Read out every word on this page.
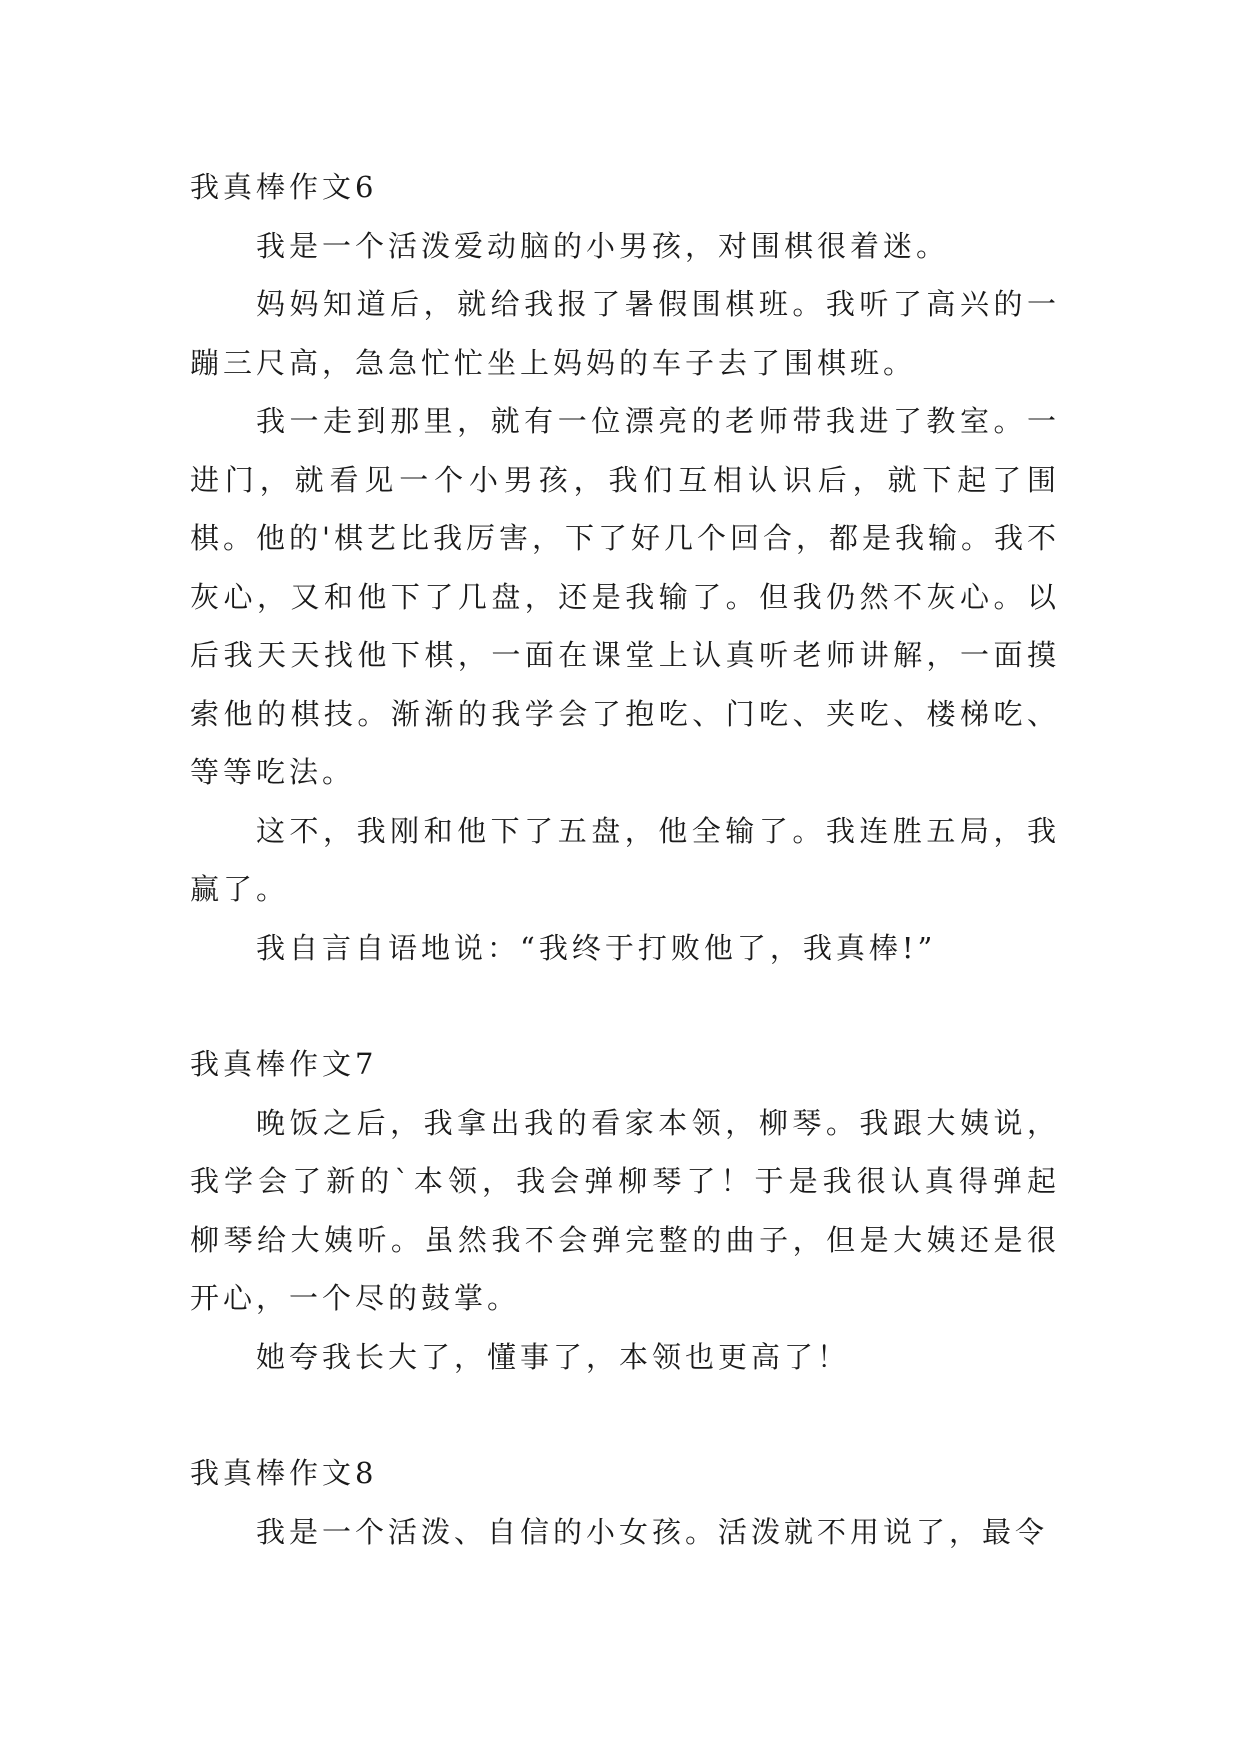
我真棒作文6

我是一个活泼爱动脑的小男孩，对围棋很着迷。

妈妈知道后，就给我报了暑假围棋班。我听了高兴的一蹦三尺高，急急忙忙坐上妈妈的车子去了围棋班。

我一走到那里，就有一位漂亮的老师带我进了教室。一进门，就看见一个小男孩，我们互相认识后，就下起了围棋。他的'棋艺比我厉害，下了好几个回合，都是我输。我不灰心，又和他下了几盘，还是我输了。但我仍然不灰心。以后我天天找他下棋，一面在课堂上认真听老师讲解，一面摸索他的棋技。渐渐的我学会了抱吃、门吃、夹吃、楼梯吃、等等吃法。

这不，我刚和他下了五盘，他全输了。我连胜五局，我赢了。

我自言自语地说：“我终于打败他了，我真棒!”

我真棒作文7

晚饭之后，我拿出我的看家本领，柳琴。我跟大姨说，我学会了新的`本领，我会弹柳琴了！于是我很认真得弹起柳琴给大姨听。虽然我不会弹完整的曲子，但是大姨还是很开心，一个尽的鼓掌。

她夸我长大了，懂事了，本领也更高了！

我真棒作文8

我是一个活泼、自信的小女孩。活泼就不用说了，最令
